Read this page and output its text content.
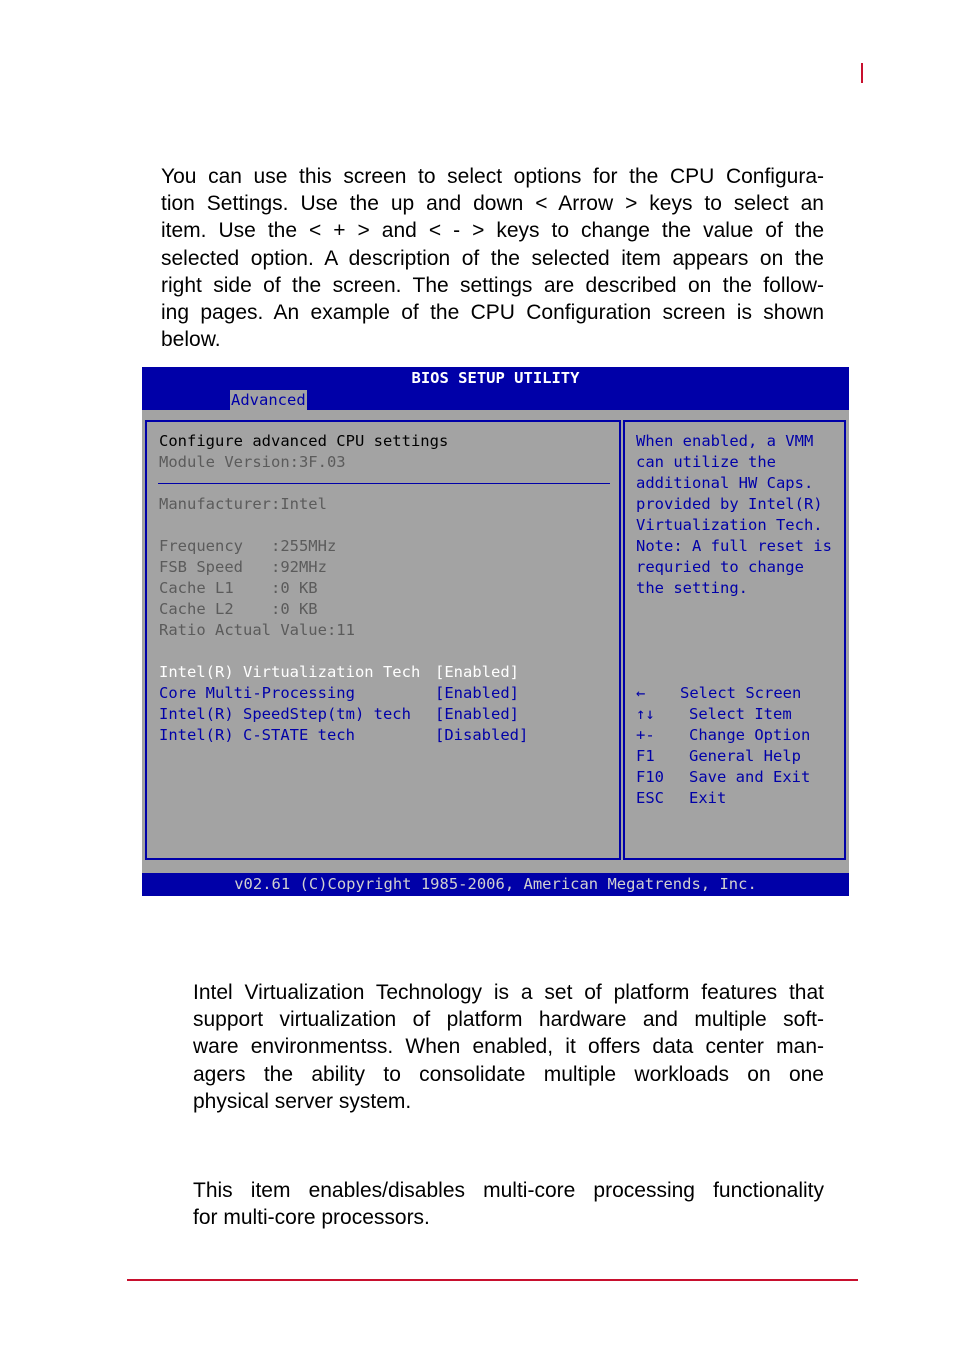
You can use this screen to select options for the CPU Configura-
tion Settings. Use the up and down < Arrow > keys to select an
item. Use the < + > and < - > keys to change the value of the
selected option. A description of the selected item appears on the
right side of the screen. The settings are described on the follow-
ing pages. An example of the CPU Configuration screen is shown
below.

BIOS SETUP UTILITY
Advanced
Configure advanced CPU settings
Module Version:3F.03
Manufacturer:Intel
Frequency   :255MHz
FSB Speed   :92MHz
Cache L1    :0 KB
Cache L2    :0 KB
Ratio Actual Value:11
Intel(R) Virtualization Tech [Enabled]
Core Multi-Processing	[Enabled]
Intel(R) SpeedStep(tm) tech [Enabled]
Intel(R) C-STATE tech	[Disabled]
When enabled, a VMM
can utilize the
additional HW Caps.
provided by Intel(R)
Virtualization Tech.
Note: A full reset is
requried to change
the setting.
← Select Screen
↑↓ Select Item
+- Change Option
F1 General Help
F10 Save and Exit
ESC Exit
v02.61 (C)Copyright 1985-2006, American Megatrends, Inc.

Intel Virtualization Technology is a set of platform features that
support virtualization of platform hardware and multiple soft-
ware environmentss. When enabled, it offers data center man-
agers the ability to consolidate multiple workloads on one
physical server system.

This item enables/disables multi-core processing functionality
for multi-core processors.
